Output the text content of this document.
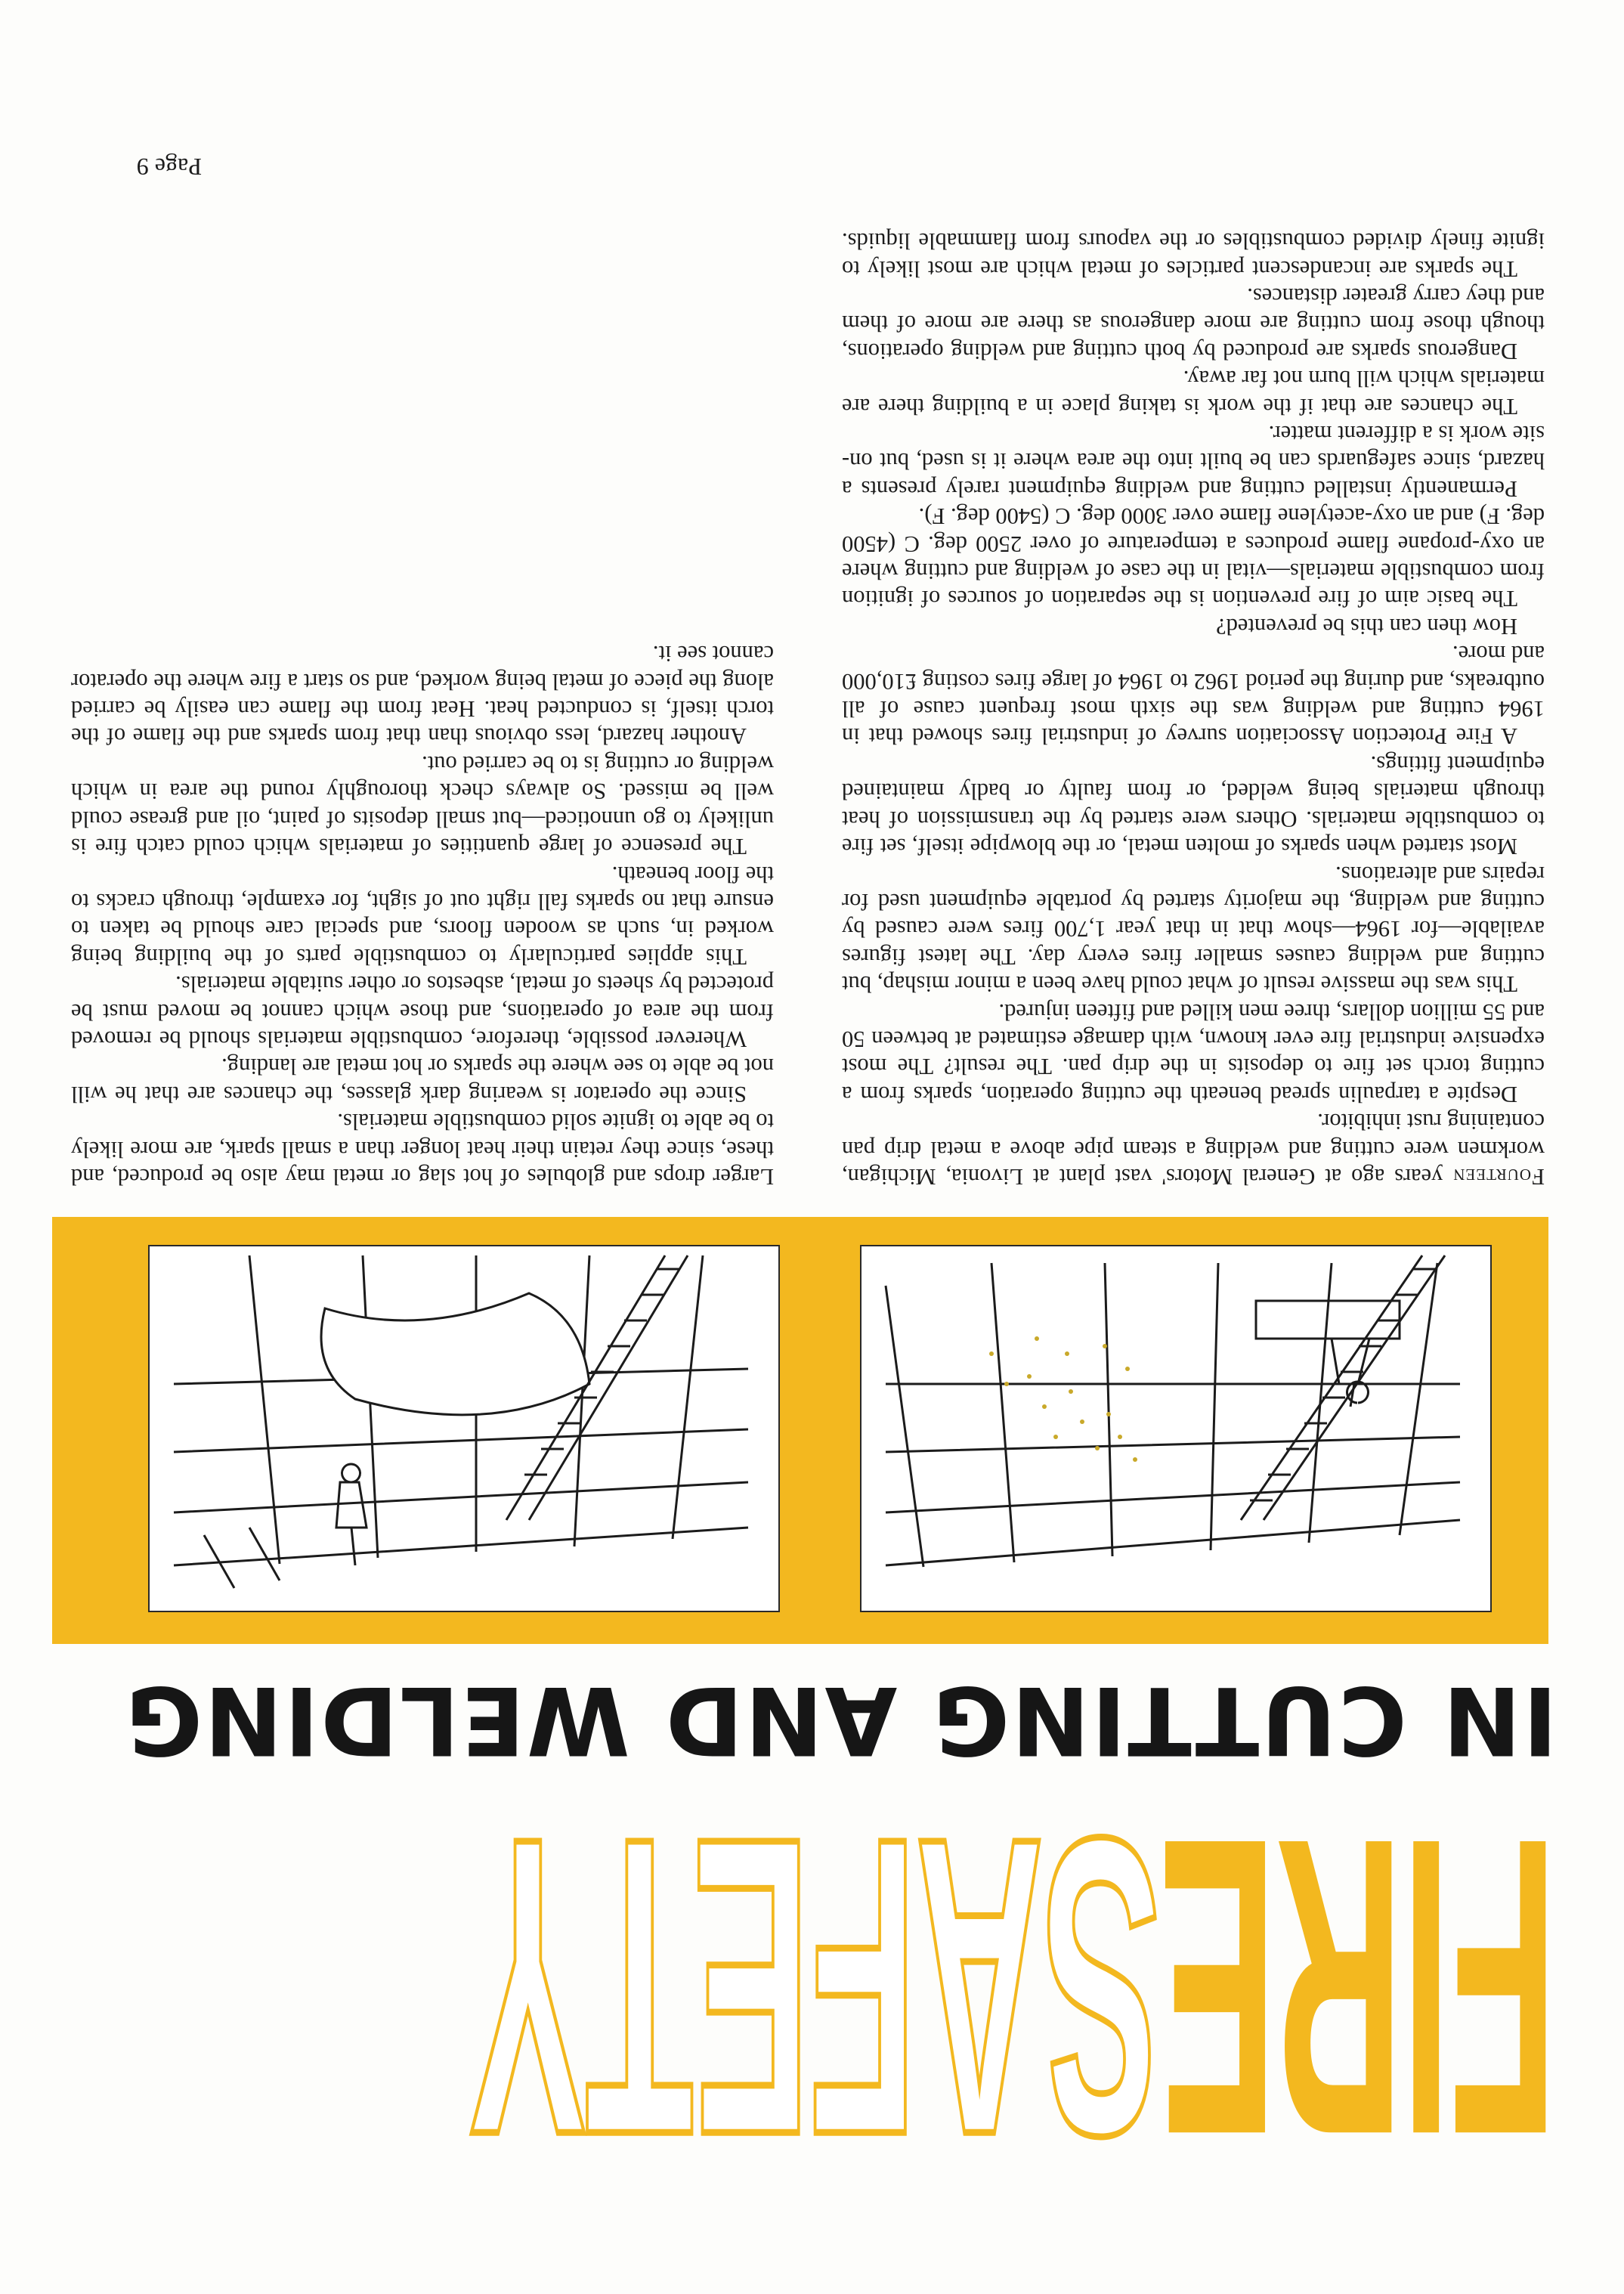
FIRESAFETY
IN CUTTING AND WELDING

Fourteen years ago at General Motors' vast plant at Livonia, Michigan, workmen were cutting and welding a steam pipe above a metal drip pan containing rust inhibitor.

Despite a tarpaulin spread beneath the cutting operation, sparks from a cutting torch set fire to deposits in the drip pan. The result? The most expensive industrial fire ever known, with damage estimated at between 50 and 55 million dollars, three men killed and fifteen injured.

This was the massive result of what could have been a minor mishap, but cutting and welding causes smaller fires every day. The latest figures available—for 1964—show that in that year 1,700 fires were caused by cutting and welding, the majority started by portable equipment used for repairs and alterations.

Most started when sparks of molten metal, or the blowpipe itself, set fire to combustible materials. Others were started by the transmission of heat through materials being welded, or from faulty or badly maintained equipment fittings.

A Fire Protection Association survey of industrial fires showed that in 1964 cutting and welding was the sixth most frequent cause of all outbreaks, and during the period 1962 to 1964 of large fires costing £10,000 and more.

How then can this be prevented?

The basic aim of fire prevention is the separation of sources of ignition from combustible materials—vital in the case of welding and cutting where an oxy-propane flame produces a temperature of over 2500 deg. C (4500 deg. F) and an oxy-acetylene flame over 3000 deg. C (5400 deg. F).

Permanently installed cutting and welding equipment rarely presents a hazard, since safeguards can be built into the area where it is used, but on-site work is a different matter.

The chances are that if the work is taking place in a building there are materials which will burn not far away.

Dangerous sparks are produced by both cutting and welding operations, though those from cutting are more dangerous as there are more of them and they carry greater distances.

The sparks are incandescent particles of metal which are most likely to ignite finely divided combustibles or the vapours from flammable liquids. Larger drops and globules of hot slag or metal may also be produced, and these, since they retain their heat longer than a small spark, are more likely to be able to ignite solid combustible materials.

Since the operator is wearing dark glasses, the chances are that he will not be able to see where the sparks or hot metal are landing.

Wherever possible, therefore, combustible materials should be removed from the area of operations, and those which cannot be moved must be protected by sheets of metal, asbestos or other suitable materials.

This applies particularly to combustible parts of the building being worked in, such as wooden floors, and special care should be taken to ensure that no sparks fall right out of sight, for example, through cracks to the floor beneath.

The presence of large quantities of materials which could catch fire is unlikely to go unnoticed—but small deposits of paint, oil and grease could well be missed. So always check thoroughly round the area in which welding or cutting is to be carried out.

Another hazard, less obvious than that from sparks and the flame of the torch itself, is conducted heat. Heat from the flame can easily be carried along the piece of metal being worked, and so start a fire where the operator cannot see it.

Page 9
